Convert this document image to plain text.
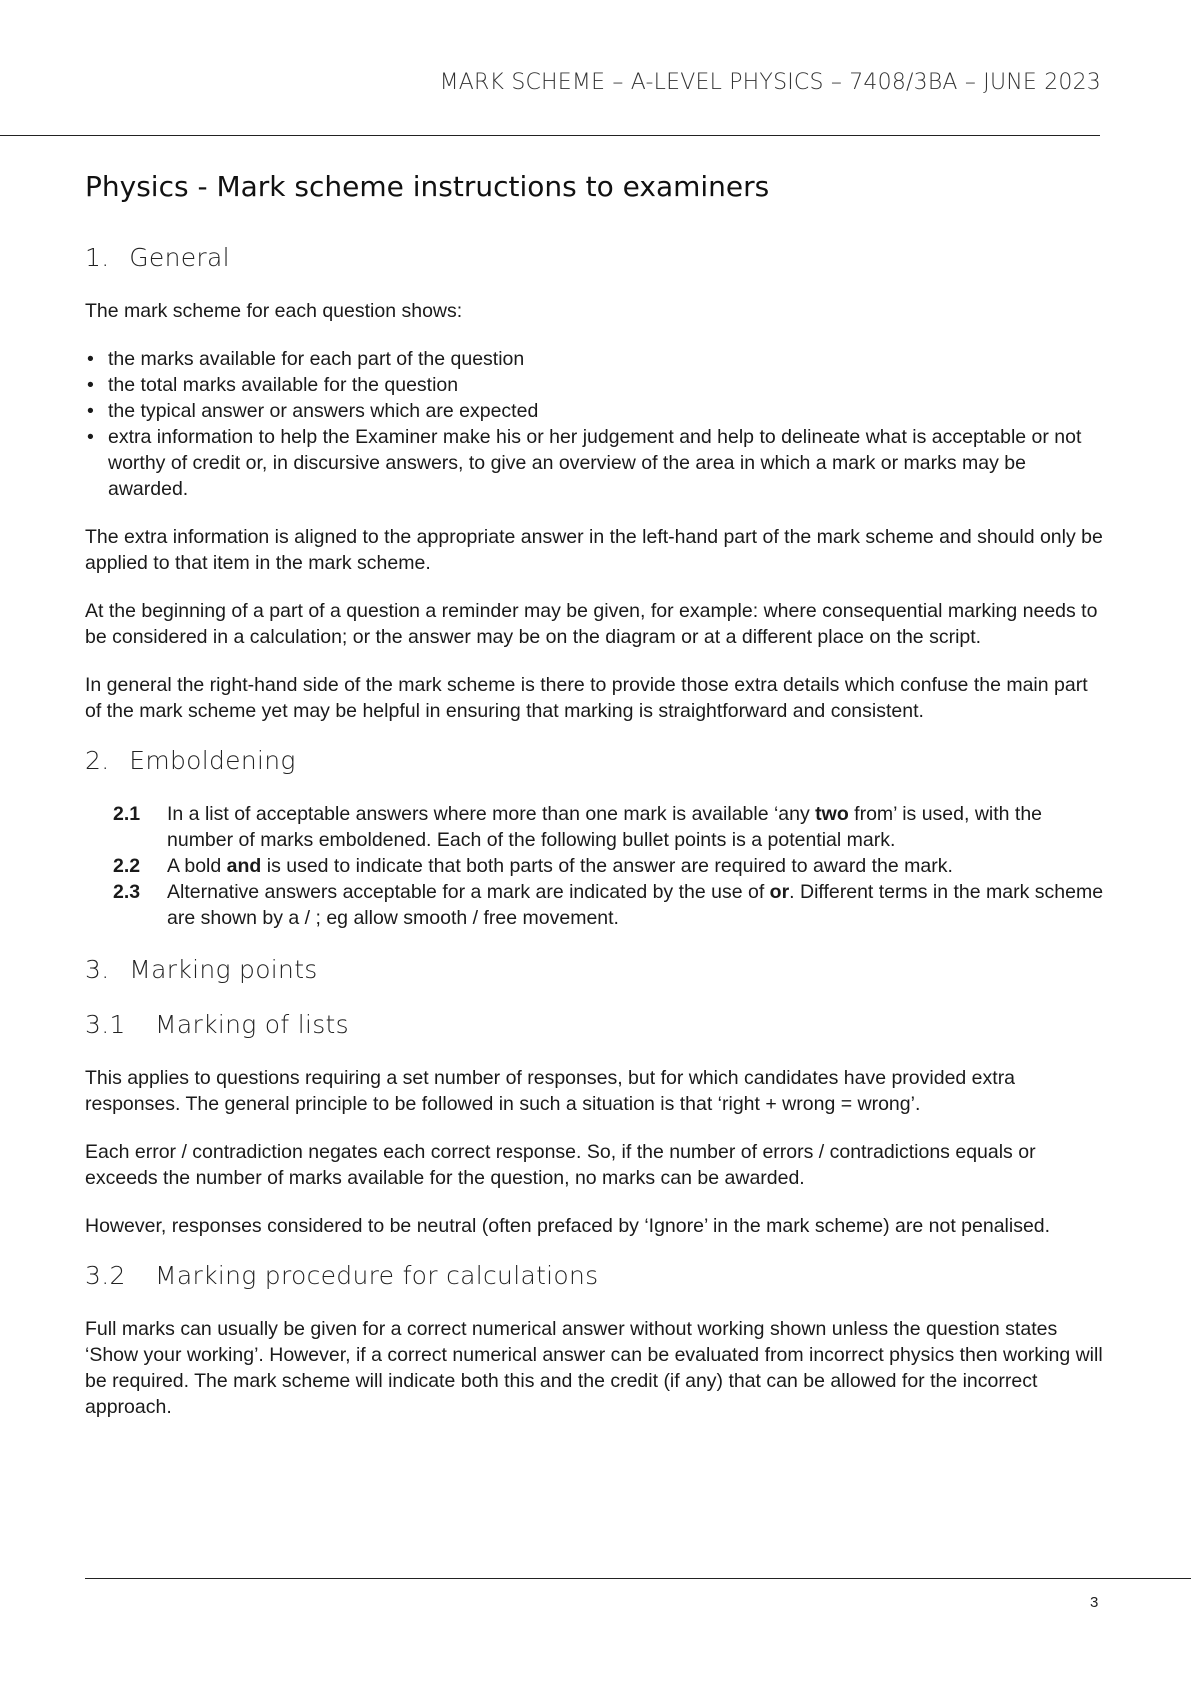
MARK SCHEME – A-LEVEL PHYSICS – 7408/3BA – JUNE 2023
Physics - Mark scheme instructions to examiners
1. General

The mark scheme for each question shows:

• the marks available for each part of the question
• the total marks available for the question
• the typical answer or answers which are expected
• extra information to help the Examiner make his or her judgement and help to delineate what is acceptable or not worthy of credit or, in discursive answers, to give an overview of the area in which a mark or marks may be awarded.

The extra information is aligned to the appropriate answer in the left-hand part of the mark scheme and should only be applied to that item in the mark scheme.

At the beginning of a part of a question a reminder may be given, for example: where consequential marking needs to be considered in a calculation; or the answer may be on the diagram or at a different place on the script.

In general the right-hand side of the mark scheme is there to provide those extra details which confuse the main part of the mark scheme yet may be helpful in ensuring that marking is straightforward and consistent.

2. Emboldening
2.1	In a list of acceptable answers where more than one mark is available ‘any two from’ is used, with the number of marks emboldened. Each of the following bullet points is a potential mark.
2.2	A bold and is used to indicate that both parts of the answer are required to award the mark.
2.3	Alternative answers acceptable for a mark are indicated by the use of or. Different terms in the mark scheme are shown by a / ; eg allow smooth / free movement.
3. Marking points
3.1 Marking of lists

This applies to questions requiring a set number of responses, but for which candidates have provided extra responses. The general principle to be followed in such a situation is that ‘right + wrong = wrong’.

Each error / contradiction negates each correct response. So, if the number of errors / contradictions equals or exceeds the number of marks available for the question, no marks can be awarded.

However, responses considered to be neutral (often prefaced by ‘Ignore’ in the mark scheme) are not penalised.

3.2 Marking procedure for calculations

Full marks can usually be given for a correct numerical answer without working shown unless the question states ‘Show your working’. However, if a correct numerical answer can be evaluated from incorrect physics then working will be required. The mark scheme will indicate both this and the credit (if any) that can be allowed for the incorrect approach.

3
